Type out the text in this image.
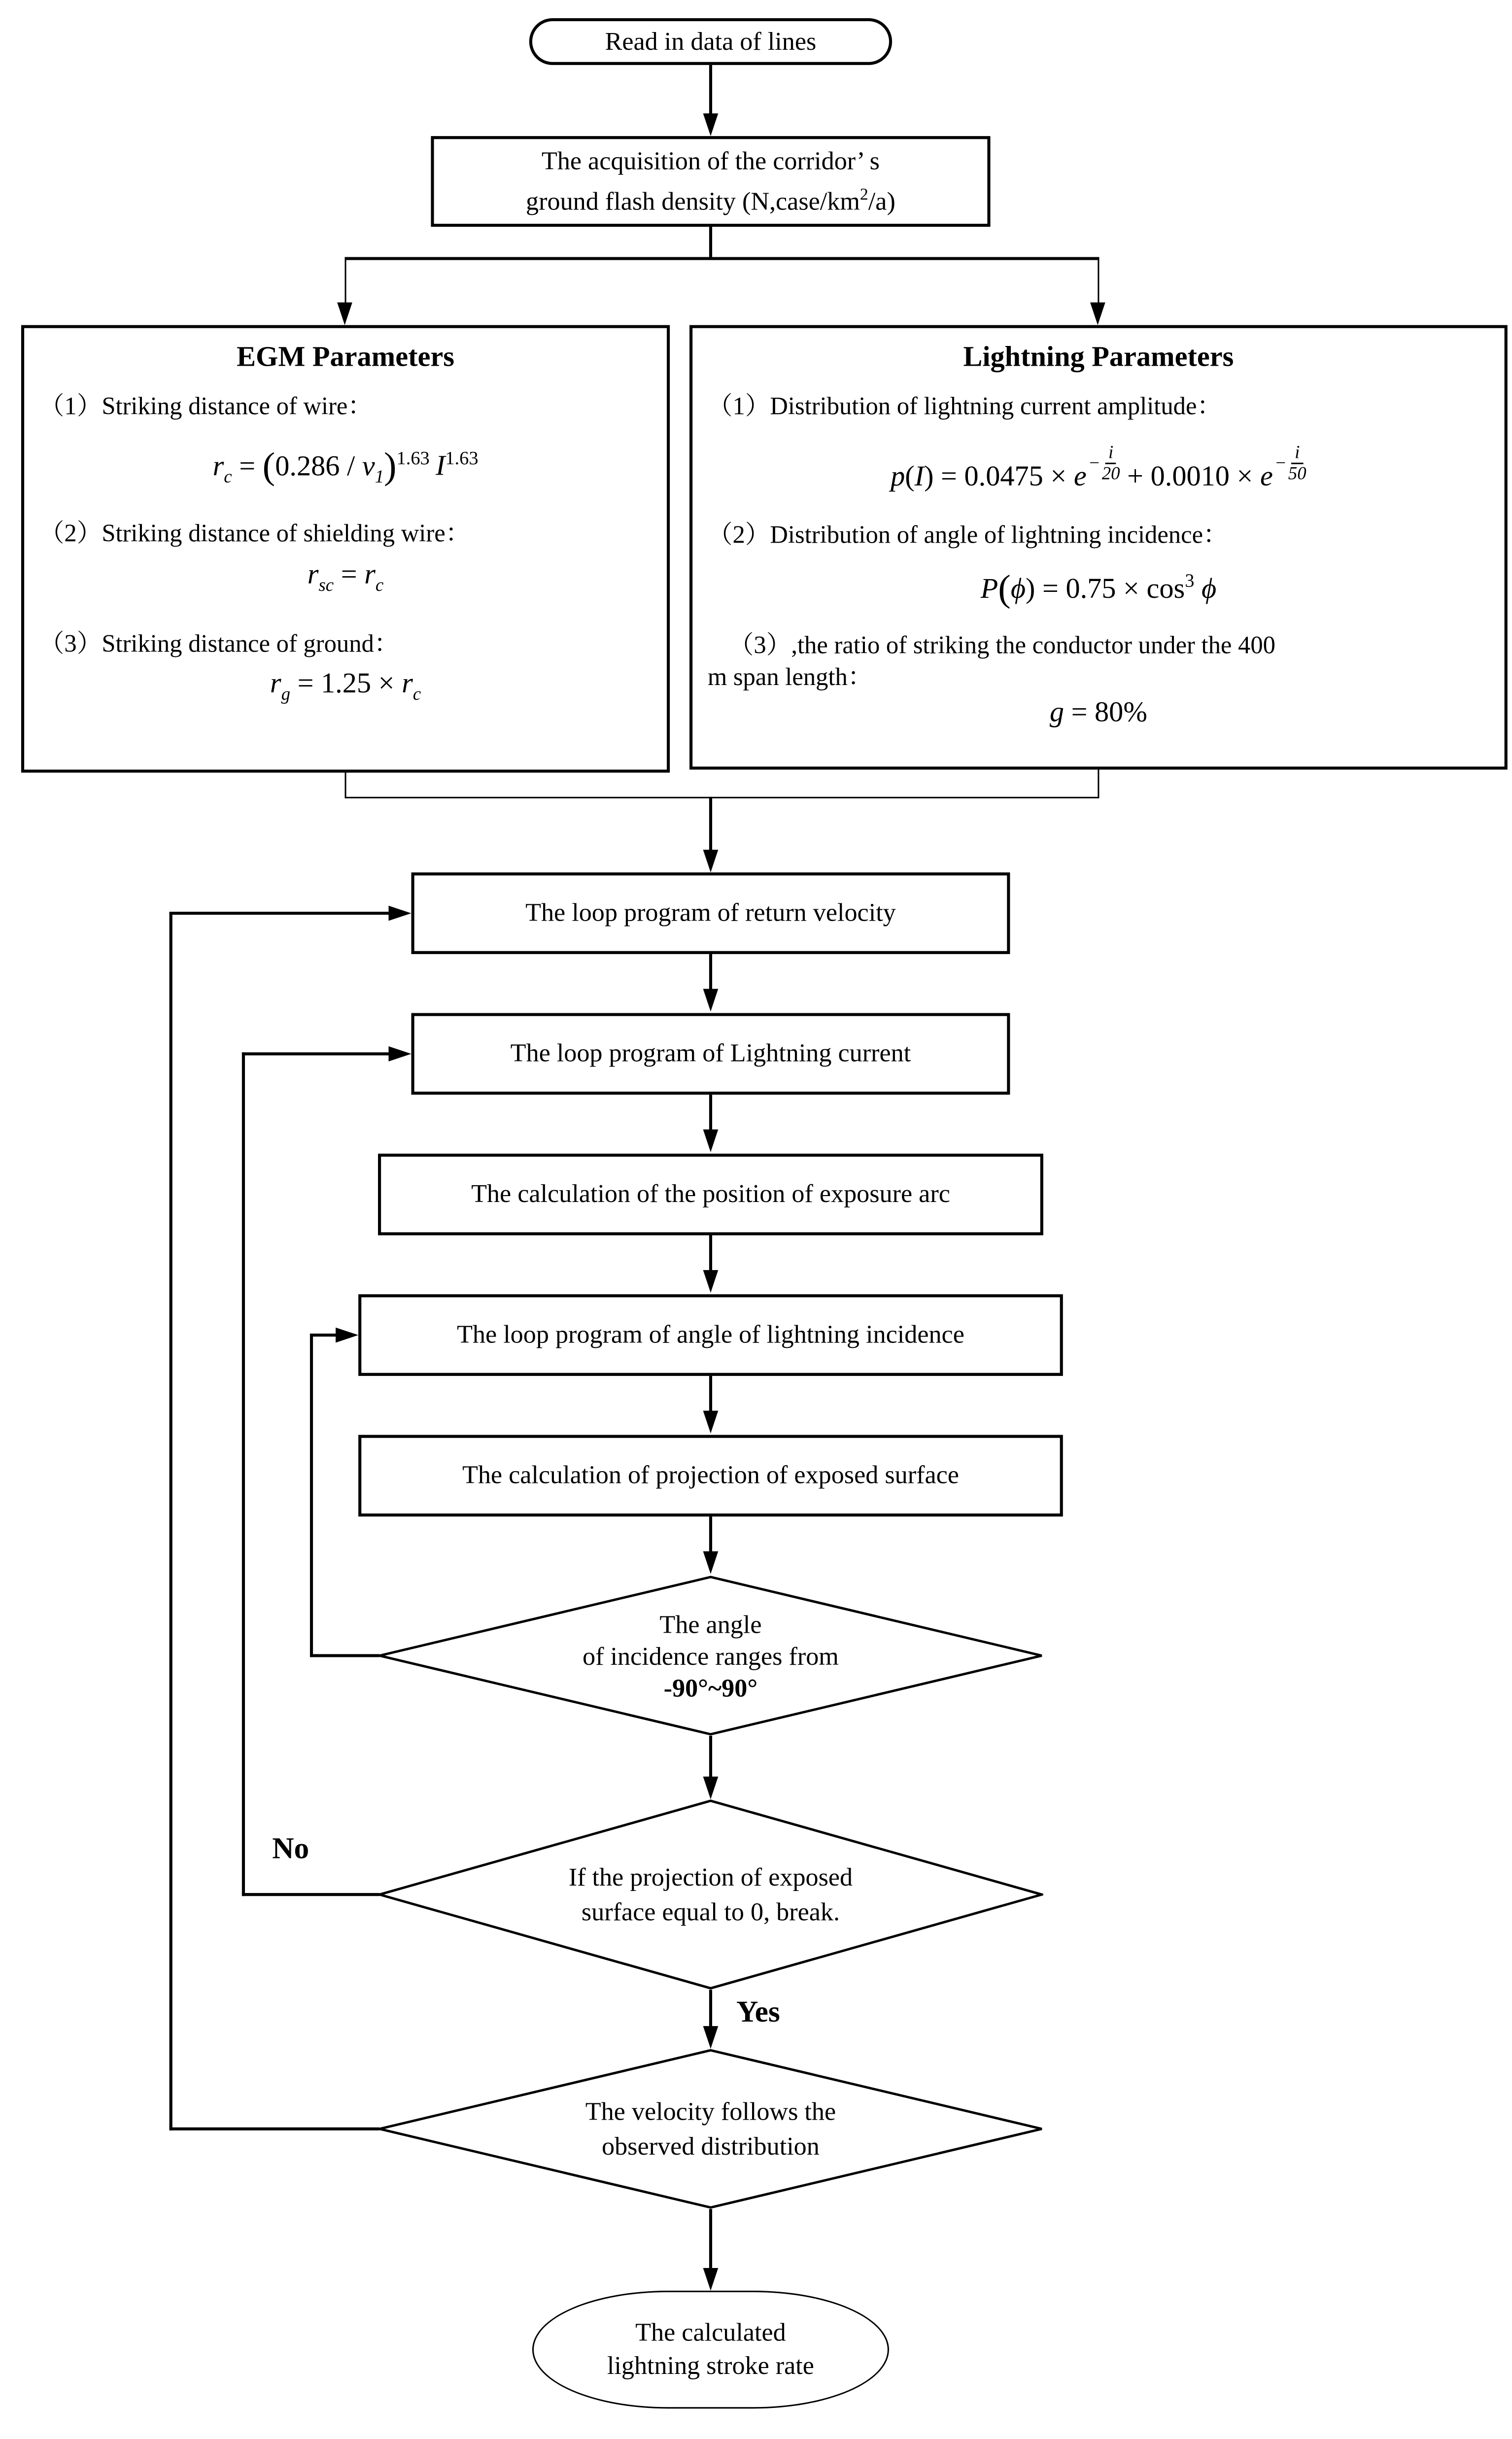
Read in data of lines
The acquisition of the corridor’ s
ground flash density $(N,case/km^2/a)$
EGM Parameters
（1）Striking distance of wire：
$r_c = (0.286 / v_1)^{1.63}$ $I^{1.63}$
（2）Striking distance of shielding wire：
$r_{sc} = r_c$
（3）Striking distance of ground：
$r_g = 1.25 \times r_c$
Lightning Parameters
（1）Distribution of lightning current amplitude：
$p(I) = 0.0475 \times e - \frac{i}{20} + 0.0010 \times e - \frac{i}{50}$
（2）Distribution of angle of lightning incidence：
$P(\phi) = 0.75 \times \cos^3 \phi$
（3）,the ratio of striking the conductor under the 400
m span length：
g = 80%
The loop program of return velocity
The loop program of Lightning current
The calculation of the position of exposure arc
The loop program of angle of lightning incidence
The calculation of projection of exposed surface
The angle
of incidence ranges from
-90°~90°
If the projection of exposed
surface equal to 0, break.
No
Yes
The velocity follows the
observed distribution
The calculated
lightning stroke rate
